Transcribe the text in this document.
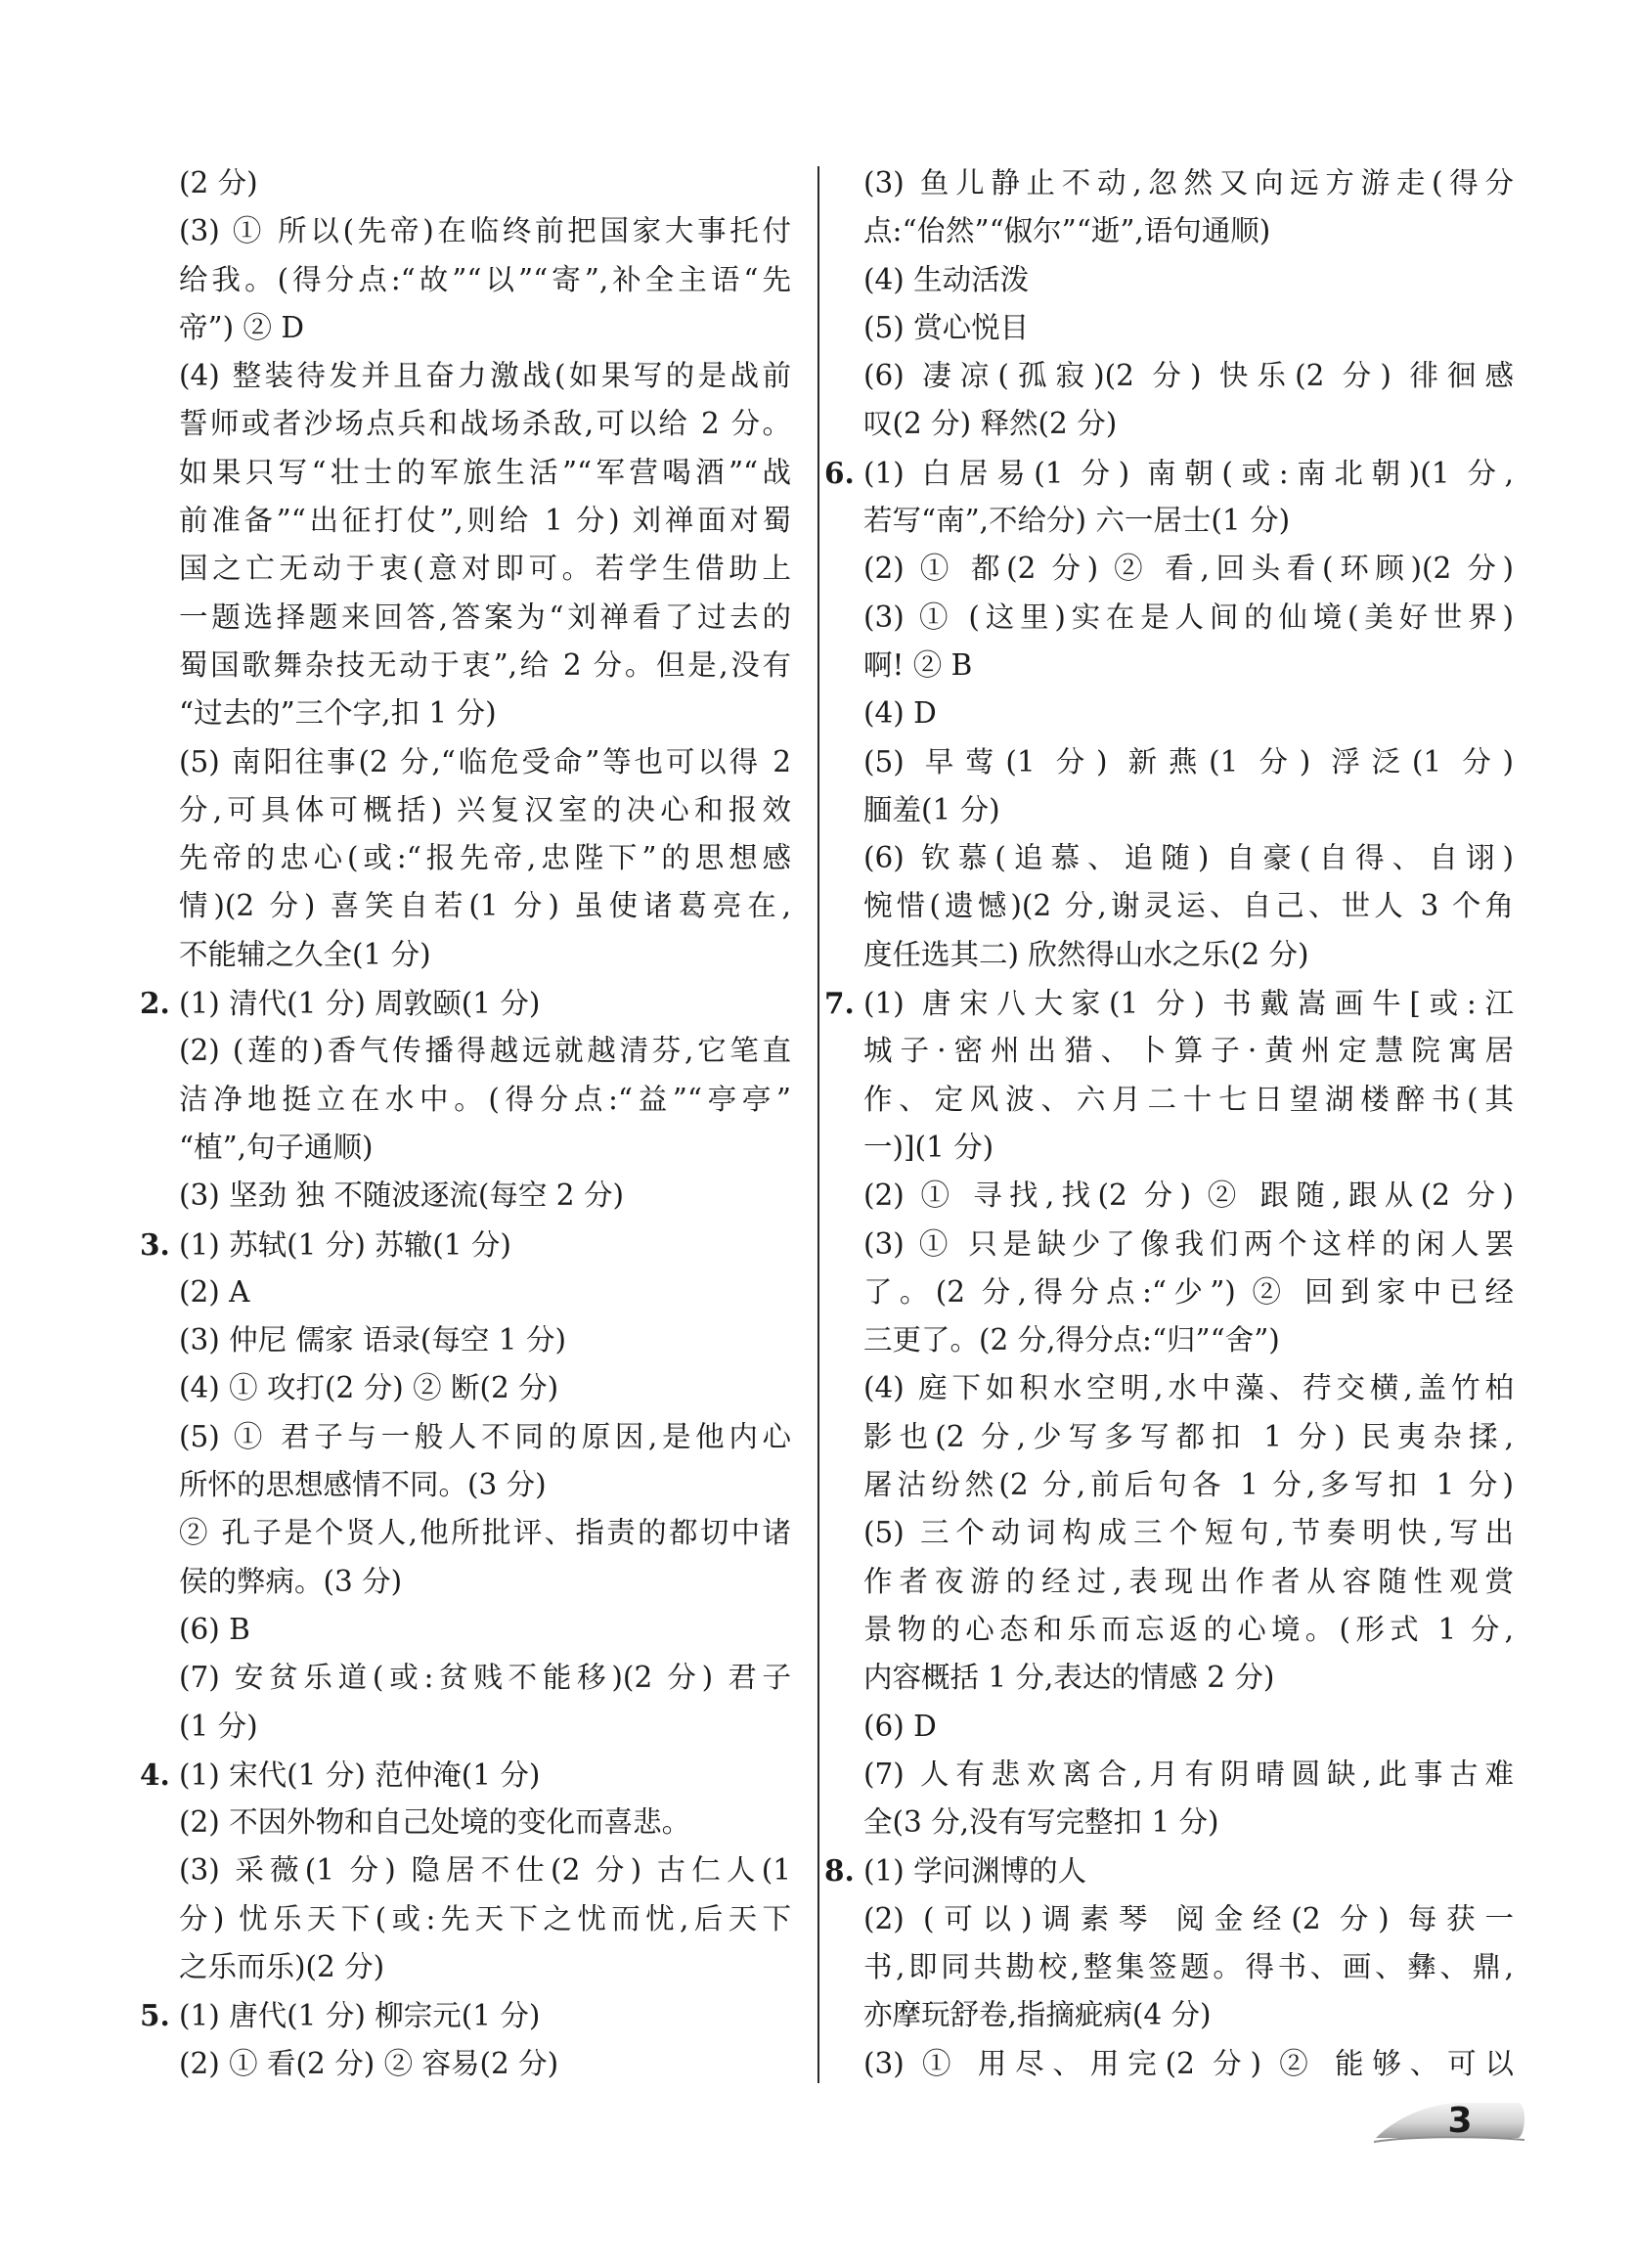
(2 分)
(3) ① 所以(先帝)在临终前把国家大事托付
给我。(得分点:“故”“以”“寄”,补全主语“先
帝”) ② D
(4) 整装待发并且奋力激战(如果写的是战前
誓师或者沙场点兵和战场杀敌,可以给 2 分。
如果只写“壮士的军旅生活”“军营喝酒”“战
前准备”“出征打仗”,则给 1 分) 刘禅面对蜀
国之亡无动于衷(意对即可。若学生借助上
一题选择题来回答,答案为“刘禅看了过去的
蜀国歌舞杂技无动于衷”,给 2 分。但是,没有
“过去的”三个字,扣 1 分)
(5) 南阳往事(2 分,“临危受命”等也可以得 2
分,可具体可概括) 兴复汉室的决心和报效
先帝的忠心(或:“报先帝,忠陛下”的思想感
情)(2 分) 喜笑自若(1 分) 虽使诸葛亮在,
不能辅之久全(1 分)
2. (1) 清代(1 分) 周敦颐(1 分)
(2) (莲的)香气传播得越远就越清芬,它笔直
洁净地挺立在水中。(得分点:“益”“亭亭”
“植”,句子通顺)
(3) 坚劲 独 不随波逐流(每空 2 分)
3. (1) 苏轼(1 分) 苏辙(1 分)
(2) A
(3) 仲尼 儒家 语录(每空 1 分)
(4) ① 攻打(2 分) ② 断(2 分)
(5) ① 君子与一般人不同的原因,是他内心
所怀的思想感情不同。(3 分)
② 孔子是个贤人,他所批评、指责的都切中诸
侯的弊病。(3 分)
(6) B
(7) 安贫乐道(或:贫贱不能移)(2 分) 君子
(1 分)
4. (1) 宋代(1 分) 范仲淹(1 分)
(2) 不因外物和自己处境的变化而喜悲。
(3) 采薇(1 分) 隐居不仕(2 分) 古仁人(1
分) 忧乐天下(或:先天下之忧而忧,后天下
之乐而乐)(2 分)
5. (1) 唐代(1 分) 柳宗元(1 分)
(2) ① 看(2 分) ② 容易(2 分)
(3) 鱼儿静止不动,忽然又向远方游走(得分
点:“佁然”“俶尔”“逝”,语句通顺)
(4) 生动活泼
(5) 赏心悦目
(6) 凄凉(孤寂)(2 分) 快乐(2 分) 徘徊感
叹(2 分) 释然(2 分)
6. (1) 白居易(1 分) 南朝(或:南北朝)(1 分,
若写“南”,不给分) 六一居士(1 分)
(2) ① 都(2 分) ② 看,回头看(环顾)(2 分)
(3) ① (这里)实在是人间的仙境(美好世界)
啊! ② B
(4) D
(5) 早莺(1 分) 新燕(1 分) 浮泛(1 分)
腼羞(1 分)
(6) 钦慕(追慕、追随) 自豪(自得、自诩)
惋惜(遗憾)(2 分,谢灵运、自己、世人 3 个角
度任选其二) 欣然得山水之乐(2 分)
7. (1) 唐宋八大家(1 分) 书戴嵩画牛[或:江
城子·密州出猎、卜算子·黄州定慧院寓居
作、定风波、六月二十七日望湖楼醉书(其
一)](1 分)
(2) ① 寻找,找(2 分) ② 跟随,跟从(2 分)
(3) ① 只是缺少了像我们两个这样的闲人罢
了。(2 分,得分点:“少”) ② 回到家中已经
三更了。(2 分,得分点:“归”“舍”)
(4) 庭下如积水空明,水中藻、荇交横,盖竹柏
影也(2 分,少写多写都扣 1 分) 民夷杂揉,
屠沽纷然(2 分,前后句各 1 分,多写扣 1 分)
(5) 三个动词构成三个短句,节奏明快,写出
作者夜游的经过,表现出作者从容随性观赏
景物的心态和乐而忘返的心境。(形式 1 分,
内容概括 1 分,表达的情感 2 分)
(6) D
(7) 人有悲欢离合,月有阴晴圆缺,此事古难
全(3 分,没有写完整扣 1 分)
8. (1) 学问渊博的人
(2) (可以)调素琴 阅金经(2 分) 每获一
书,即同共勘校,整集签题。得书、画、彝、鼎,
亦摩玩舒卷,指摘疵病(4 分)
(3) ① 用尽、用完(2 分) ② 能够、可以
3
